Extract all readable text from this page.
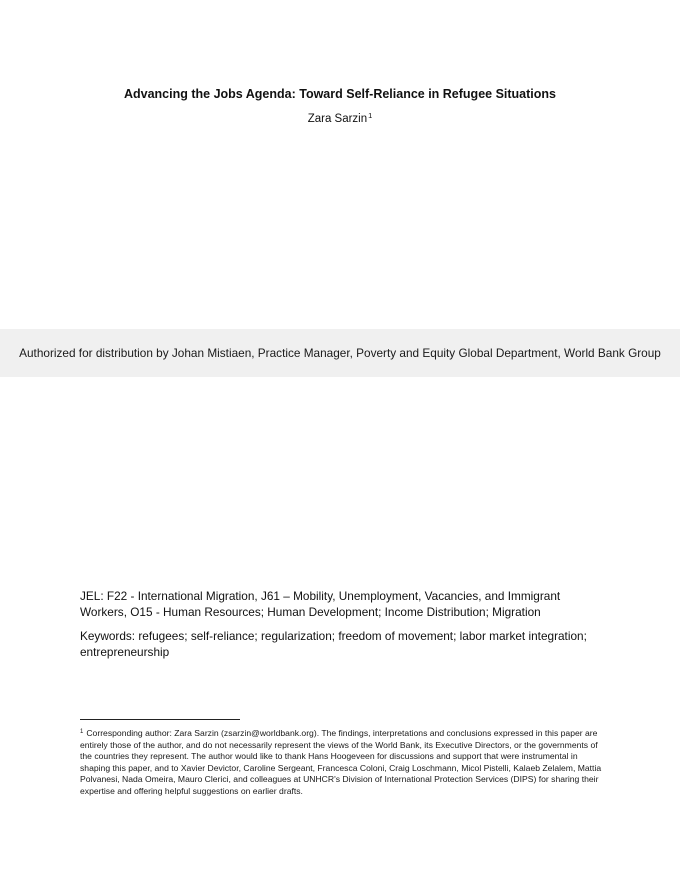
Advancing the Jobs Agenda: Toward Self-Reliance in Refugee Situations
Zara Sarzin$^1$
Authorized for distribution by Johan Mistiaen, Practice Manager, Poverty and Equity Global Department, World Bank Group
JEL: F22 - International Migration, J61 – Mobility, Unemployment, Vacancies, and Immigrant Workers, O15 - Human Resources; Human Development; Income Distribution; Migration
Keywords: refugees; self-reliance; regularization; freedom of movement; labor market integration; entrepreneurship
$^1$ Corresponding author: Zara Sarzin (zsarzin@worldbank.org). The findings, interpretations and conclusions expressed in this paper are entirely those of the author, and do not necessarily represent the views of the World Bank, its Executive Directors, or the governments of the countries they represent. The author would like to thank Hans Hoogeveen for discussions and support that were instrumental in shaping this paper, and to Xavier Devictor, Caroline Sergeant, Francesca Coloni, Craig Loschmann, Micol Pistelli, Kalaeb Zelalem, Mattia Polvanesi, Nada Omeira, Mauro Clerici, and colleagues at UNHCR's Division of International Protection Services (DIPS) for sharing their expertise and offering helpful suggestions on earlier drafts.
